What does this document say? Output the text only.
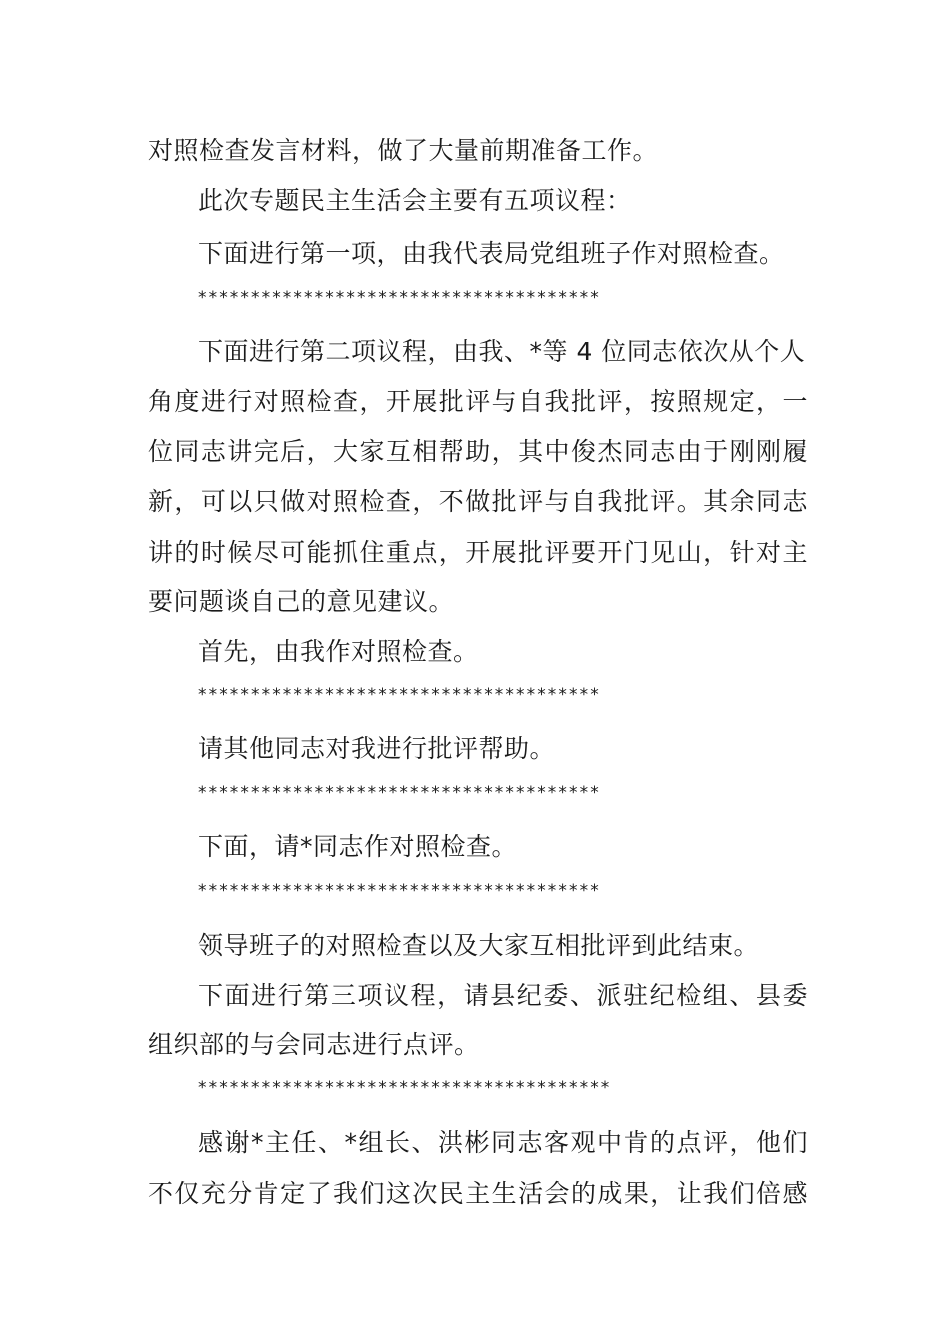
对照检查发言材料，做了大量前期准备工作。
此次专题民主生活会主要有五项议程：
下面进行第一项，由我代表局党组班子作对照检查。
**************************************
下面进行第二项议程，由我、*等 4 位同志依次从个人
角度进行对照检查，开展批评与自我批评，按照规定，一
位同志讲完后，大家互相帮助，其中俊杰同志由于刚刚履
新，可以只做对照检查，不做批评与自我批评。其余同志
讲的时候尽可能抓住重点，开展批评要开门见山，针对主
要问题谈自己的意见建议。
首先，由我作对照检查。
**************************************
请其他同志对我进行批评帮助。
**************************************
下面，请*同志作对照检查。
**************************************
领导班子的对照检查以及大家互相批评到此结束。
下面进行第三项议程，请县纪委、派驻纪检组、县委
组织部的与会同志进行点评。
***************************************
感谢*主任、*组长、洪彬同志客观中肯的点评，他们
不仅充分肯定了我们这次民主生活会的成果，让我们倍感
